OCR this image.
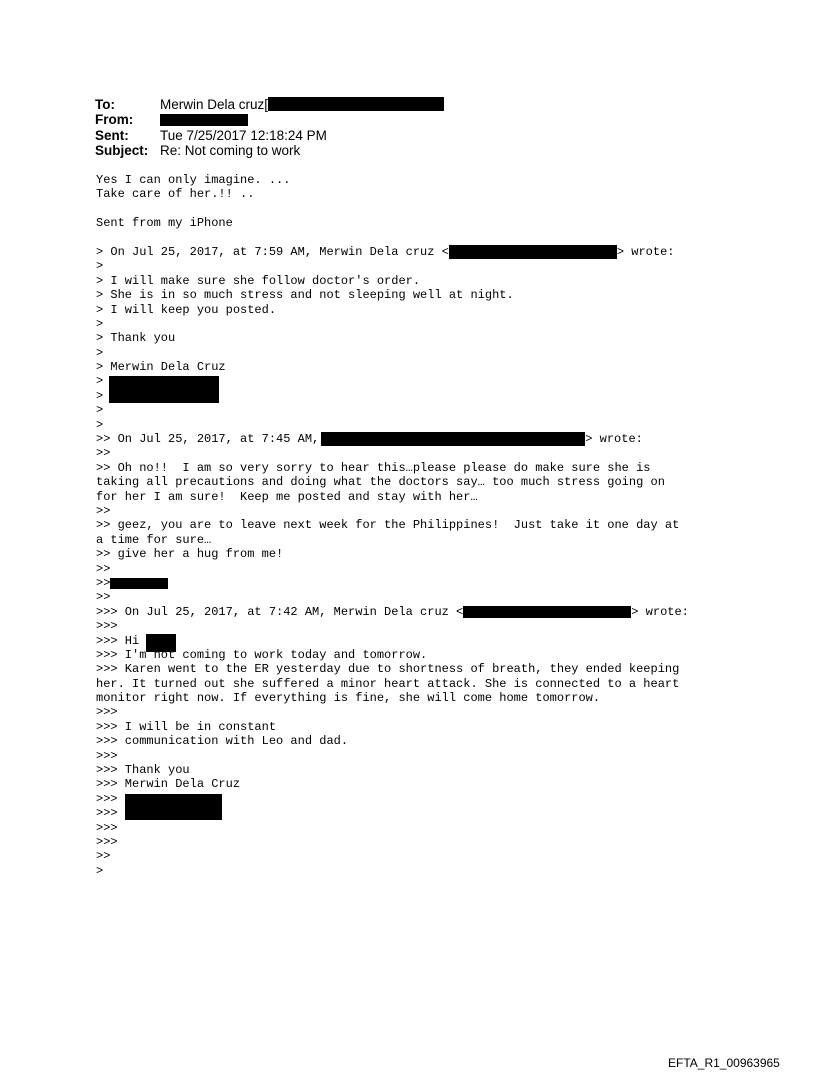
To:	Merwin Dela cruz[
From:
Sent: Tue 7/25/2017 12:18:24 PM
Subject: Re: Not coming to work
Yes I can only imagine. ...
Take care of her.!! ..
Sent from my iPhone
> On Jul 25, 2017, at 7:59 AM, Merwin Dela cruz <	> wrote:
>
> I will make sure she follow doctor's order.
> She is in so much stress and not sleeping well at night.
> I will keep you posted.
>
> Thank you
>
> Merwin Dela Cruz
>
>
>
>
>> On Jul 25, 2017, at 7:45 AM,	> wrote:
>>
>> Oh no!!  I am so very sorry to hear this…please please do make sure she is
taking all precautions and doing what the doctors say… too much stress going on
for her I am sure!  Keep me posted and stay with her…
>>
>> geez, you are to leave next week for the Philippines!  Just take it one day at
a time for sure…
>> give her a hug from me!
>>
>>
>>
>>> On Jul 25, 2017, at 7:42 AM, Merwin Dela cruz <	> wrote:
>>>
>>> Hi
>>> I'm not coming to work today and tomorrow.
>>> Karen went to the ER yesterday due to shortness of breath, they ended keeping
her. It turned out she suffered a minor heart attack. She is connected to a heart
monitor right now. If everything is fine, she will come home tomorrow.
>>>
>>> I will be in constant
>>> communication with Leo and dad.
>>>
>>> Thank you
>>> Merwin Dela Cruz
>>>
>>>
>>>
>>>
>>
>
EFTA_R1_00963965
